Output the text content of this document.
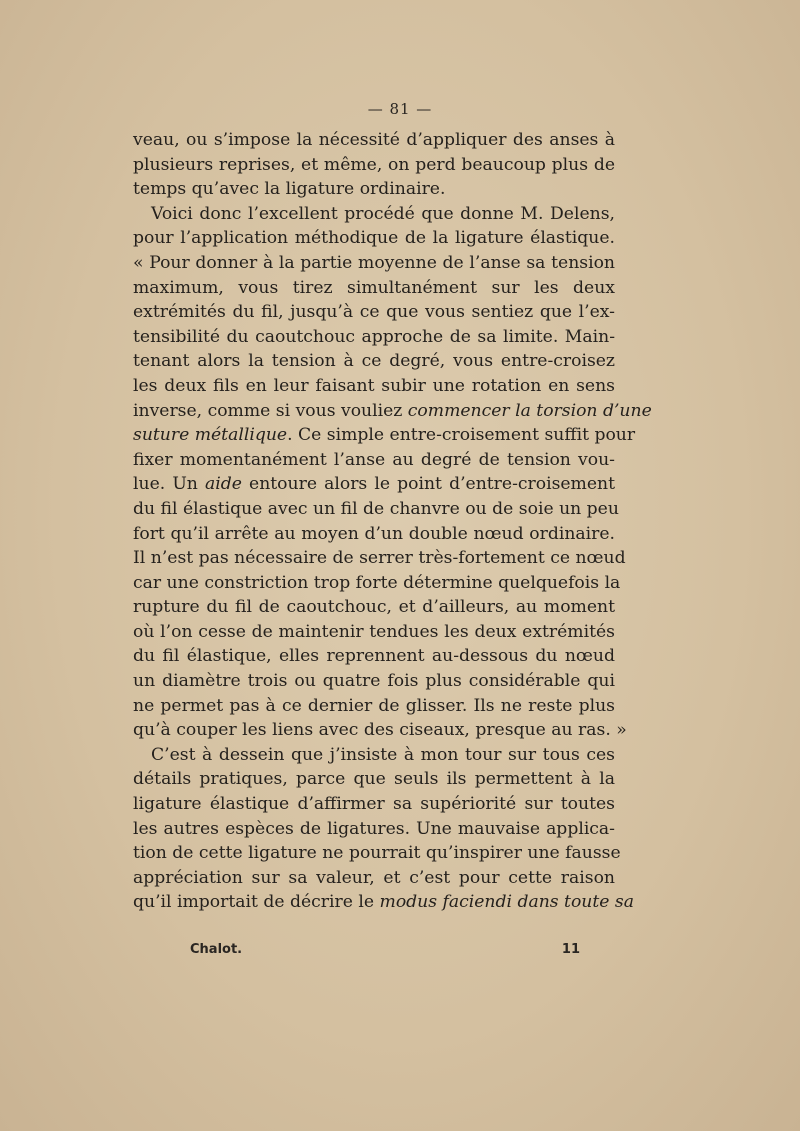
— 81 —
veau, ou s’impose la nécessité d’appliquer des anses à
plusieurs reprises, et même, on perd beaucoup plus de
temps qu’avec la ligature ordinaire.
Voici donc l’excellent procédé que donne M. Delens,
pour l’application méthodique de la ligature élastique.
« Pour donner à la partie moyenne de l’anse sa tension
maximum, vous tirez simultanément sur les deux
extrémités du fil, jusqu’à ce que vous sentiez que l’ex-
tensibilité du caoutchouc approche de sa limite. Main-
tenant alors la tension à ce degré, vous entre-croisez
les deux fils en leur faisant subir une rotation en sens
inverse, comme si vous vouliez commencer la torsion d’une
suture métallique. Ce simple entre-croisement suffit pour
fixer momentanément l’anse au degré de tension vou-
lue. Un aide entoure alors le point d’entre-croisement
du fil élastique avec un fil de chanvre ou de soie un peu
fort qu’il arrête au moyen d’un double nœud ordinaire.
Il n’est pas nécessaire de serrer très-fortement ce nœud
car une constriction trop forte détermine quelquefois la
rupture du fil de caoutchouc, et d’ailleurs, au moment
où l’on cesse de maintenir tendues les deux extrémités
du fil élastique, elles reprennent au-dessous du nœud
un diamètre trois ou quatre fois plus considérable qui
ne permet pas à ce dernier de glisser. Ils ne reste plus
qu’à couper les liens avec des ciseaux, presque au ras. »
C’est à dessein que j’insiste à mon tour sur tous ces
détails pratiques, parce que seuls ils permettent à la
ligature élastique d’affirmer sa supériorité sur toutes
les autres espèces de ligatures. Une mauvaise applica-
tion de cette ligature ne pourrait qu’inspirer une fausse
appréciation sur sa valeur, et c’est pour cette raison
qu’il importait de décrire le modus faciendi dans toute sa
Chalot.	11
